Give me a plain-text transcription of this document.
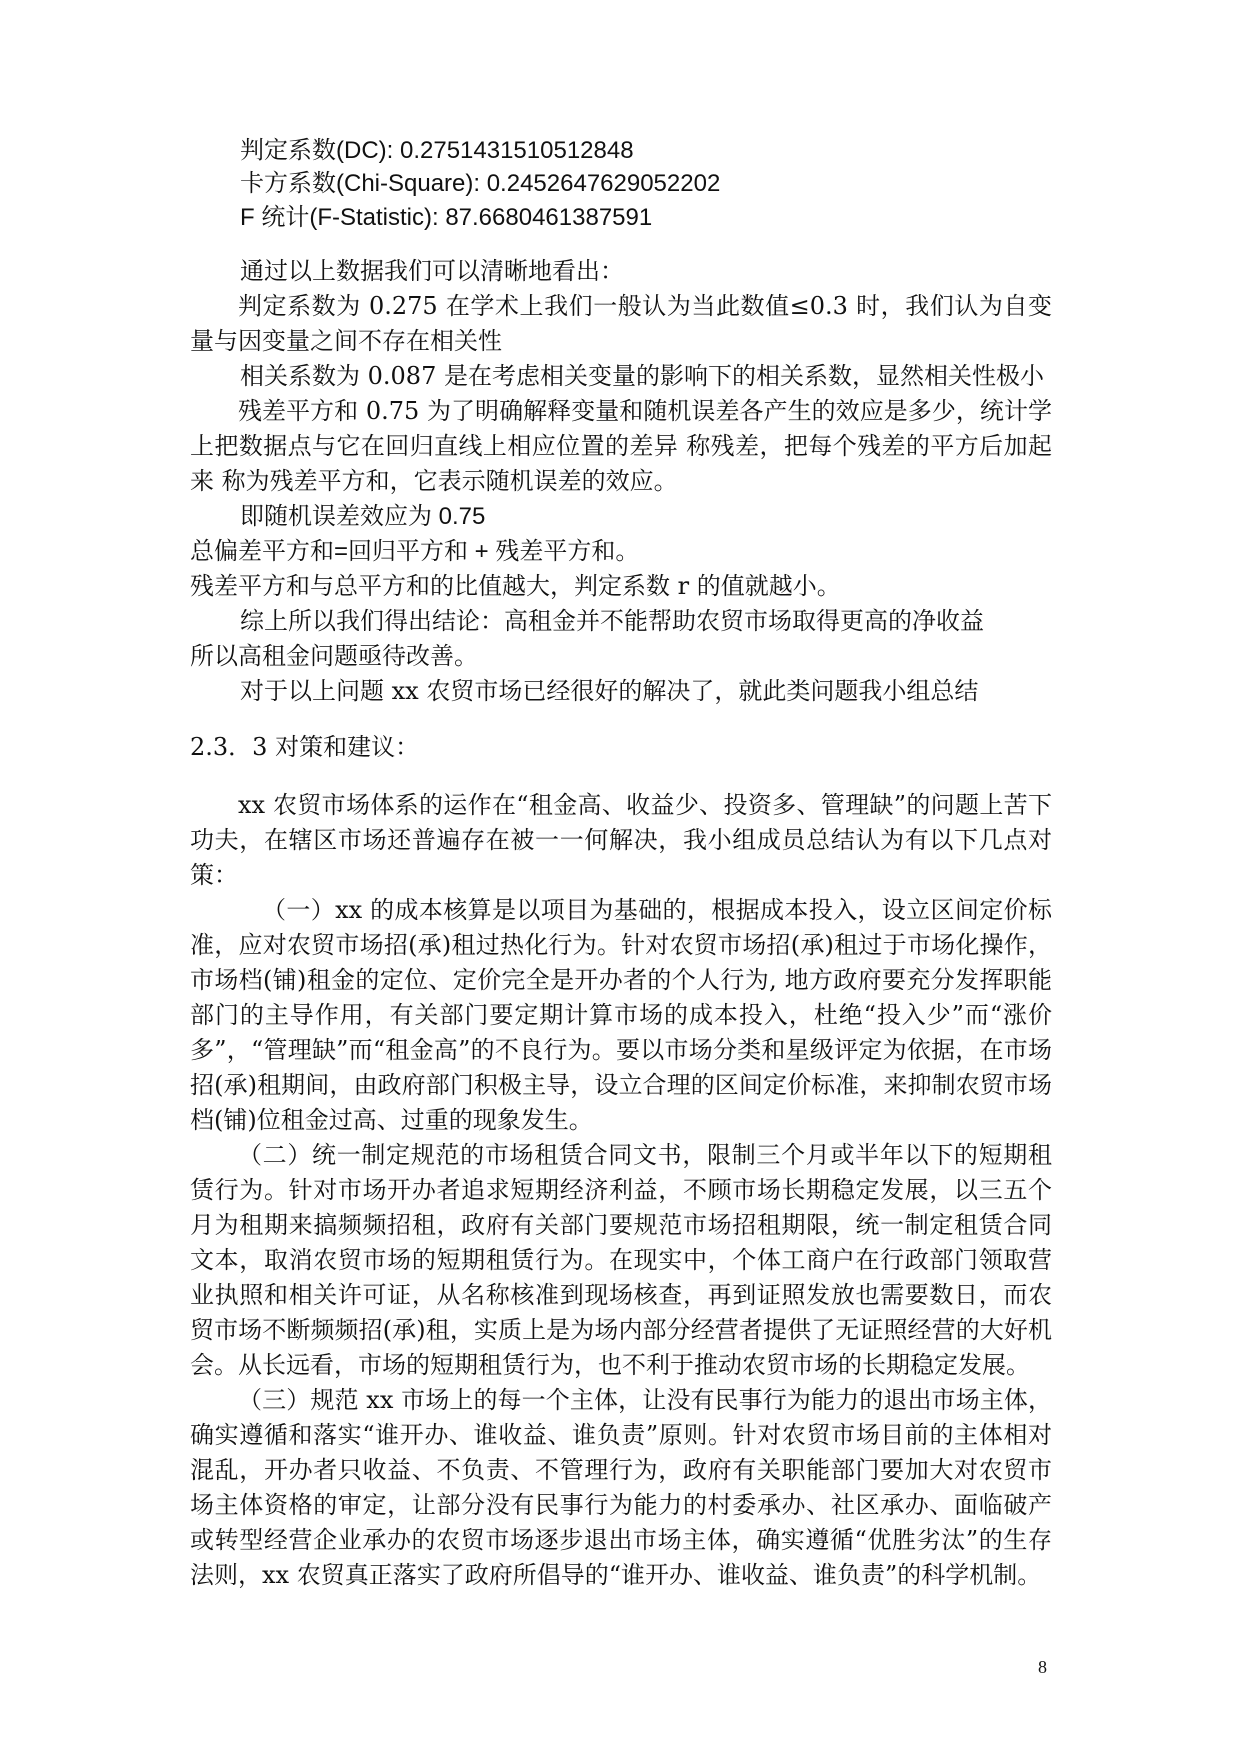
判定系数(DC): 0.2751431510512848
卡方系数(Chi-Square): 0.2452647629052202
F 统计(F-Statistic): 87.6680461387591
通过以上数据我们可以清晰地看出：
判定系数为 0.275 在学术上我们一般认为当此数值≤0.3 时，我们认为自变量与因变量之间不存在相关性
相关系数为 0.087 是在考虑相关变量的影响下的相关系数，显然相关性极小
残差平方和 0.75 为了明确解释变量和随机误差各产生的效应是多少，统计学上把数据点与它在回归直线上相应位置的差异 称残差，把每个残差的平方后加起来 称为残差平方和，它表示随机误差的效应。
即随机误差效应为 0.75
总偏差平方和=回归平方和 + 残差平方和。
残差平方和与总平方和的比值越大，判定系数 r 的值就越小。
综上所以我们得出结论：高租金并不能帮助农贸市场取得更高的净收益
所以高租金问题亟待改善。
对于以上问题 xx 农贸市场已经很好的解决了，就此类问题我小组总结
2.3．3 对策和建议：
xx 农贸市场体系的运作在“租金高、收益少、投资多、管理缺”的问题上苦下功夫，在辖区市场还普遍存在被一一何解决，我小组成员总结认为有以下几点对策：
（一）xx 的成本核算是以项目为基础的，根据成本投入，设立区间定价标准，应对农贸市场招(承)租过热化行为。针对农贸市场招(承)租过于市场化操作，市场档(铺)租金的定位、定价完全是开办者的个人行为, 地方政府要充分发挥职能部门的主导作用，有关部门要定期计算市场的成本投入，杜绝“投入少”而“涨价多”，“管理缺”而“租金高”的不良行为。要以市场分类和星级评定为依据，在市场招(承)租期间，由政府部门积极主导，设立合理的区间定价标准，来抑制农贸市场档(铺)位租金过高、过重的现象发生。
（二）统一制定规范的市场租赁合同文书，限制三个月或半年以下的短期租赁行为。针对市场开办者追求短期经济利益，不顾市场长期稳定发展，以三五个月为租期来搞频频招租，政府有关部门要规范市场招租期限，统一制定租赁合同文本，取消农贸市场的短期租赁行为。在现实中，个体工商户在行政部门领取营业执照和相关许可证，从名称核准到现场核查，再到证照发放也需要数日，而农贸市场不断频频招(承)租，实质上是为场内部分经营者提供了无证照经营的大好机会。从长远看，市场的短期租赁行为，也不利于推动农贸市场的长期稳定发展。
（三）规范 xx 市场上的每一个主体，让没有民事行为能力的退出市场主体，确实遵循和落实“谁开办、谁收益、谁负责”原则。针对农贸市场目前的主体相对混乱，开办者只收益、不负责、不管理行为，政府有关职能部门要加大对农贸市场主体资格的审定，让部分没有民事行为能力的村委承办、社区承办、面临破产或转型经营企业承办的农贸市场逐步退出市场主体，确实遵循“优胜劣汰”的生存法则，xx 农贸真正落实了政府所倡导的“谁开办、谁收益、谁负责”的科学机制。
8
